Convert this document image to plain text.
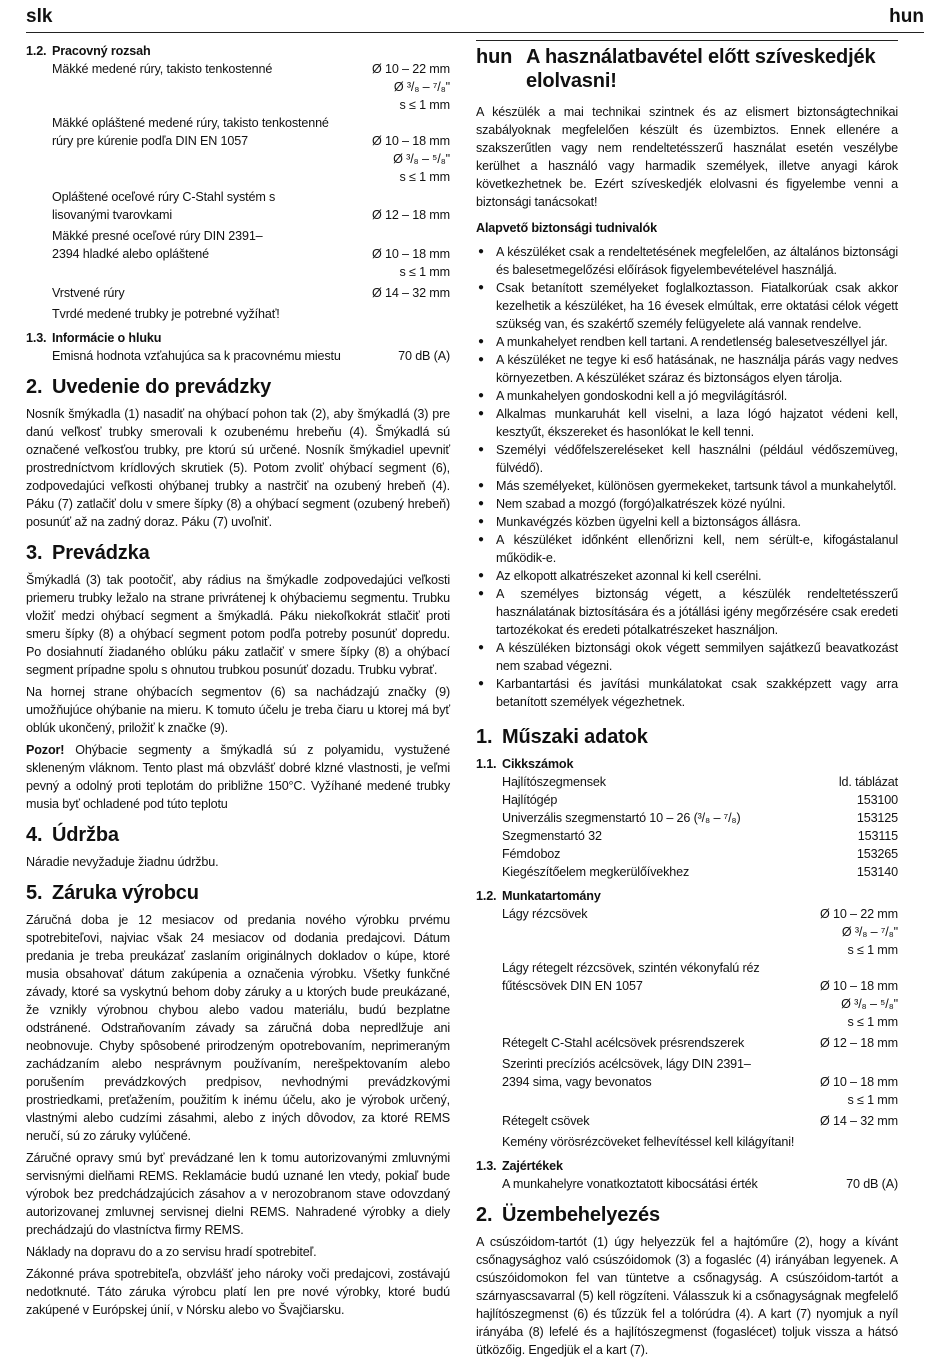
slk	hun
1.2. Pracovný rozsah
Mäkké medené rúry, takisto tenkostenné	Ø 10 – 22 mm
Ø ³/₈ – ⁷/₈"
s ≤ 1 mm
Mäkké opláštené medené rúry, takisto tenkostenné rúry pre kúrenie podľa DIN EN 1057	Ø 10 – 18 mm
Ø ³/₈ – ⁵/₈"
s ≤ 1 mm
Opláštené oceľové rúry C-Stahl systém s lisovanými tvarovkami	Ø 12 – 18 mm
Mäkké presné oceľové rúry DIN 2391–2394 hladké alebo opláštené	Ø 10 – 18 mm
s ≤ 1 mm
Vrstvené rúry	Ø 14 – 32 mm
Tvrdé medené trubky je potrebné vyžíhať!
1.3. Informácie o hluku
Emisná hodnota vzťahujúca sa k pracovnému miestu	70 dB (A)
2. Uvedenie do prevádzky
Nosník šmýkadla (1) nasadiť na ohýbací pohon tak (2), aby šmýkadlá (3) pre danú veľkosť trubky smerovali k ozubenému hrebeňu (4). Šmýkadlá sú označené veľkosťou trubky, pre ktorú sú určené. Nosník šmýkadiel upevniť prostredníctvom krídlových skrutiek (5). Potom zvoliť ohýbací segment (6), zodpovedajúci veľkosti ohýbanej trubky a nastrčiť na ozubený hrebeň (4). Páku (7) zatlačiť dolu v smere šípky (8) a ohýbací segment (ozubený hrebeň) posunúť až na zadný doraz. Páku (7) uvoľniť.
3. Prevádzka
Šmýkadlá (3) tak pootočiť, aby rádius na šmýkadle zodpovedajúci veľkosti priemeru trubky ležalo na strane privrátenej k ohýbaciemu segmentu. Trubku vložiť medzi ohýbací segment a šmýkadlá. Páku niekoľkokrát stlačiť proti smeru šípky (8) a ohýbací segment potom podľa potreby posunúť dopredu. Po dosiahnutí žiadaného oblúku páku zatlačiť v smere šípky (8) a ohýbací segment prípadne spolu s ohnutou trubkou posunúť dozadu. Trubku vybrať.
Na hornej strane ohýbacích segmentov (6) sa nachádzajú značky (9) umožňujúce ohýbanie na mieru. K tomuto účelu je treba čiaru u ktorej má byť oblúk ukončený, priložiť k značke (9).
Pozor! Ohýbacie segmenty a šmýkadlá sú z polyamidu, vystužené skleneným vláknom. Tento plast má obzvlášť dobré klzné vlastnosti, je veľmi pevný a odolný proti teplotám do približne 150°C. Vyžíhané medené trubky musia byť ochladené pod túto teplotu
4. Údržba
Náradie nevyžaduje žiadnu údržbu.
5. Záruka výrobcu
Záručná doba je 12 mesiacov od predania nového výrobku prvému spotrebiteľovi, najviac však 24 mesiacov od dodania predajcovi. Dátum predania je treba preukázať zaslaním originálnych dokladov o kúpe, ktoré musia obsahovať dátum zakúpenia a označenia výrobku. Všetky funkčné závady, ktoré sa vyskytnú behom doby záruky a u ktorých bude preukázané, že vznikly výrobnou chybou alebo vadou materiálu, budú bezplatne odstránené. Odstraňovaním závady sa záručná doba nepredlžuje ani neobnovuje. Chyby spôsobené prirodzeným opotrebovaním, neprimeraným zachádzaním alebo nesprávnym používaním, nerešpektovaním alebo porušením prevádzkových predpisov, nevhodnými prevádzkovými prostriedkami, preťažením, použitím k inému účelu, ako je výrobok určený, vlastnými alebo cudzími zásahmi, alebo z iných dôvodov, za ktoré REMS neručí, sú zo záruky vylúčené.
Záručné opravy smú byť prevádzané len k tomu autorizovanými zmluvnými servisnými dielňami REMS. Reklamácie budú uznané len vtedy, pokiaľ bude výrobok bez predchádzajúcich zásahov a v nerozobranom stave odovzdaný autorizovanej zmluvnej servisnej dielni REMS. Nahradené výrobky a diely prechádzajú do vlastníctva firmy REMS.
Náklady na dopravu do a zo servisu hradí spotrebiteľ.
Zákonné práva spotrebiteľa, obzvlášť jeho nároky voči predajcovi, zostávajú nedotknuté. Táto záruka výrobcu platí len pre nové výrobky, ktoré budú zakúpené v Európskej únií, v Nórsku alebo vo Švajčiarsku.
hun A használatbavétel előtt szíveskedjék elolvasni!
A készülék a mai technikai szintnek és az elismert biztonságtechnikai szabályoknak megfelelően készült és üzembiztos. Ennek ellenére a szakszerűtlen vagy nem rendeltetésszerű használat esetén veszélybe kerülhet a használó vagy harmadik személyek, illetve anyagi károk következhetnek be. Ezért szíveskedjék elolvasni és figyelembe venni a biztonsági tanácsokat!
Alapvető biztonsági tudnivalók
● A készüléket csak a rendeltetésének megfelelően, az általános biztonsági és balesetmegelőzési előírások figyelembevételével használjá.
● Csak betanított személyeket foglalkoztasson. Fiatalkorúak csak akkor kezelhetik a készüléket, ha 16 évesek elmúltak, erre oktatási célok végett szükség van, és szakértő személy felügyelete alá vannak rendelve.
● A munkahelyet rendben kell tartani. A rendetlenség balesetveszéllyel jár.
● A készüléket ne tegye ki eső hatásának, ne használja párás vagy nedves környezetben. A készüléket száraz és biztonságos elyen tárolja.
● A munkahelyen gondoskodni kell a jó megvilágításról.
● Alkalmas munkaruhát kell viselni, a laza lógó hajzatot védeni kell, kesztyűt, ékszereket és hasonlókat le kell tenni.
● Személyi védőfelszereléseket kell használni (például védőszemüveg, fülvédő).
● Más személyeket, különösen gyermekeket, tartsunk távol a munkahelytől.
● Nem szabad a mozgó (forgó)alkatrészek közé nyúlni.
● Munkavégzés közben ügyelni kell a biztonságos állásra.
● A készüléket időnként ellenőrizni kell, nem sérült-e, kifogástalanul működik-e.
● Az elkopott alkatrészeket azonnal ki kell cserélni.
● A személyes biztonság végett, a készülék rendeltetésszerű használatának biztosítására és a jótállási igény megőrzésére csak eredeti tartozékokat és eredeti pótalkatrészeket használjon.
● A készüléken biztonsági okok végett semmilyen sajátkezű beavatkozást nem szabad végezni.
● Karbantartási és javítási munkálatokat csak szakképzett vagy arra betanított személyek végezhetnek.
1. Műszaki adatok
1.1. Cikkszámok
Hajlítószegmensek	ld. táblázat
Hajlítógép	153100
Univerzális szegmenstartó 10 – 26 (³/₈ – ⁷/₈)	153125
Szegmenstartó 32	153115
Fémdoboz	153265
Kiegészítőelem megkerülőívekhez	153140
1.2. Munkatartomány
Lágy rézcsövek	Ø 10 – 22 mm
Ø ³/₈ – ⁷/₈"
s ≤ 1 mm
Lágy rétegelt rézcsövek, szintén vékonyfalú réz fűtéscsövek DIN EN 1057	Ø 10 – 18 mm
Ø ³/₈ – ⁵/₈"
s ≤ 1 mm
Rétegelt C-Stahl acélcsövek présrendszerek	Ø 12 – 18 mm
Szerinti precíziós acélcsövek, lágy DIN 2391–2394 sima, vagy bevonatos	Ø 10 – 18 mm
s ≤ 1 mm
Rétegelt csövek	Ø 14 – 32 mm
Kemény vörösrézcöveket felhevítéssel kell kilágyítani!
1.3. Zajértékek
A munkahelyre vonatkoztatott kibocsátási érték	70 dB (A)
2. Üzembehelyezés
A csúszóidom-tartót (1) úgy helyezzük fel a hajtóműre (2), hogy a kívánt csőnagysághoz való csúszóidomok (3) a fogasléc (4) irányában legyenek. A csúszóidomokon fel van tüntetve a csőnagyság. A csúszóidom-tartót a szárnyascsavarral (5) kell rögzíteni. Válasszuk ki a csőnagyságnak megfelelő hajlítószegmenst (6) és tűzzük fel a tolórúdra (4). A kart (7) nyomjuk a nyíl irányába (8) lefelé és a hajlítószegmenst (fogaslécet) toljuk vissza a hátsó ütközőig. Engedjük el a kart (7).
